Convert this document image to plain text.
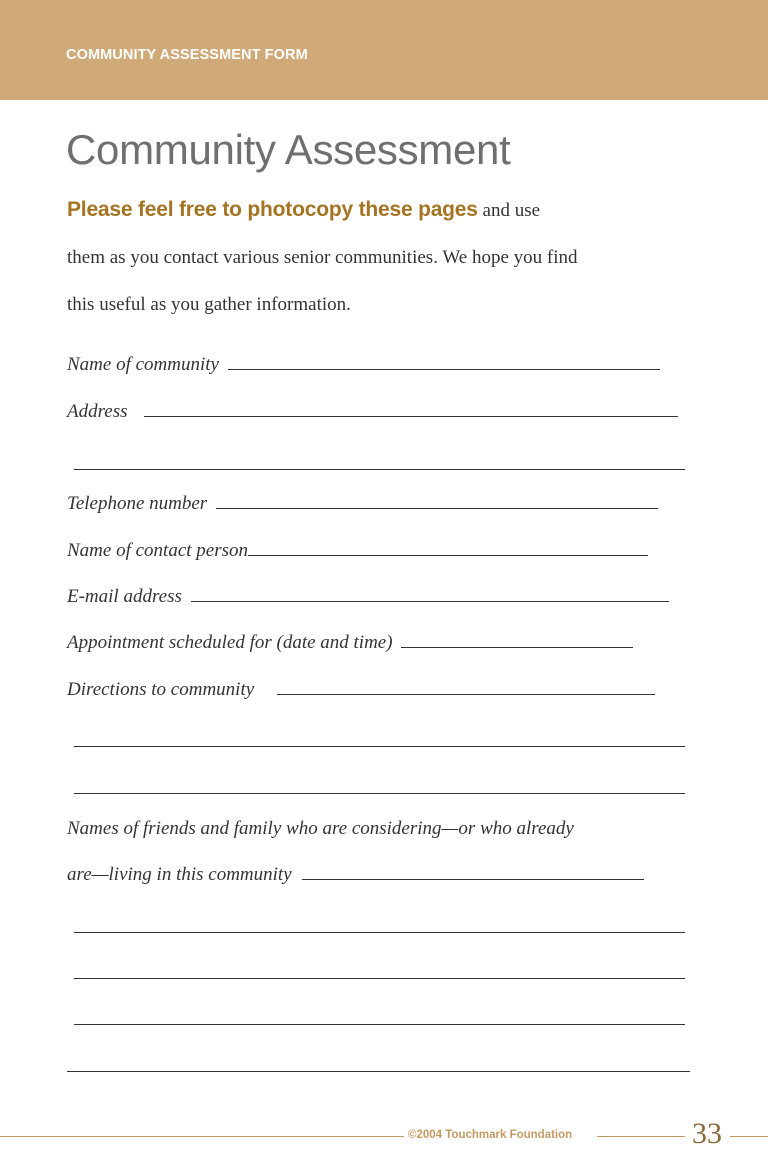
COMMUNITY ASSESSMENT FORM
Community Assessment
Please feel free to photocopy these pages and use
them as you contact various senior communities. We hope you find
this useful as you gather information.
Name of community
Address
Telephone number
Name of contact person
E-mail address
Appointment scheduled for (date and time)
Directions to community
Names of friends and family who are considering—or who already
are—living in this community
©2004 Touchmark Foundation	33
